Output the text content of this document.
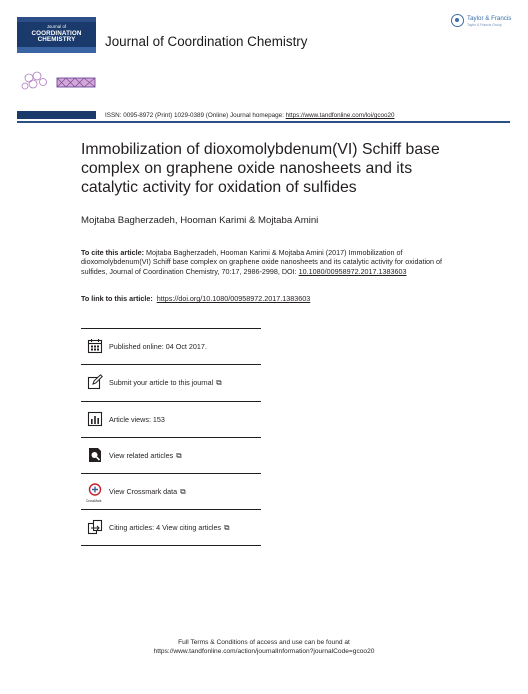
Journal of
COORDINATION CHEMISTRY	Journal of Coordination Chemistry
Taylor & Francis
Taylor & Francis Group
ISSN: 0095-8972 (Print) 1029-0389 (Online) Journal homepage: https://www.tandfonline.com/loi/gcoo20
Immobilization of dioxomolybdenum(VI) Schiff base complex on graphene oxide nanosheets and its catalytic activity for oxidation of sulfides
Mojtaba Bagherzadeh, Hooman Karimi & Mojtaba Amini
To cite this article: Mojtaba Bagherzadeh, Hooman Karimi & Mojtaba Amini (2017) Immobilization of dioxomolybdenum(VI) Schiff base complex on graphene oxide nanosheets and its catalytic activity for oxidation of sulfides, Journal of Coordination Chemistry, 70:17, 2986-2998, DOI: 10.1080/00958972.2017.1383603
To link to this article: https://doi.org/10.1080/00958972.2017.1383603
Published online: 04 Oct 2017.
Submit your article to this journal ⧉
Article views: 153
View related articles ⧉
CrossMark
View Crossmark data ⧉
Citing articles: 4 View citing articles ⧉
Full Terms & Conditions of access and use can be found at
https://www.tandfonline.com/action/journalInformation?journalCode=gcoo20
